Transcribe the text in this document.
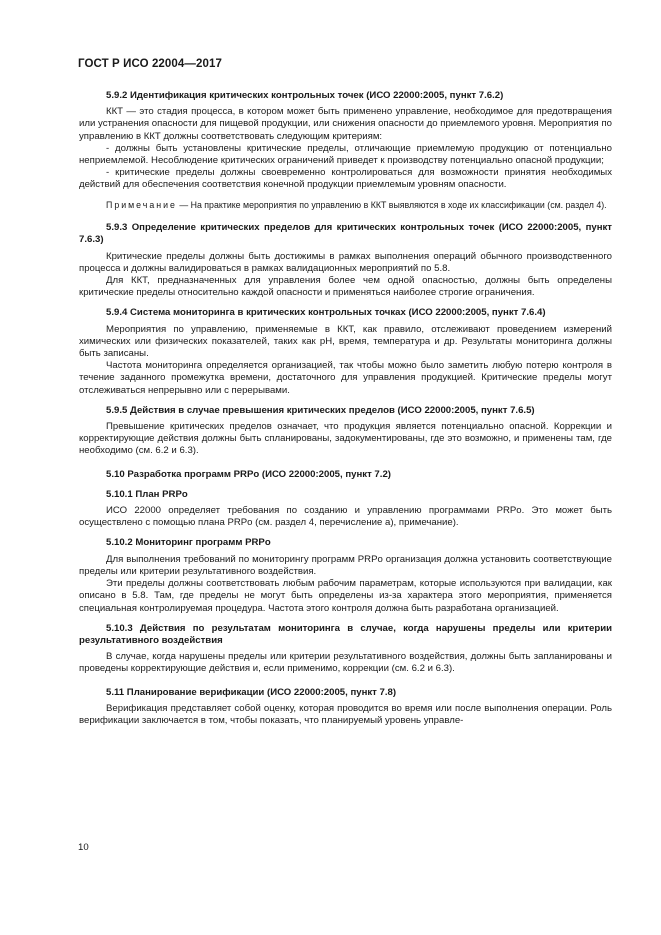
ГОСТ Р ИСО 22004—2017

5.9.2 Идентификация критических контрольных точек (ИСО 22000:2005, пункт 7.6.2)

ККТ — это стадия процесса, в котором может быть применено управление, необходимое для предотвращения или устранения опасности для пищевой продукции, или снижения опасности до приемлемого уровня. Мероприятия по управлению в ККТ должны соответствовать следующим критериям:

- должны быть установлены критические пределы, отличающие приемлемую продукцию от потенциально неприемлемой. Несоблюдение критических ограничений приведет к производству потенциально опасной продукции;

- критические пределы должны своевременно контролироваться для возможности принятия необходимых действий для обеспечения соответствия конечной продукции приемлемым уровням опасности.

Примечание — На практике мероприятия по управлению в ККТ выявляются в ходе их классификации (см. раздел 4).

5.9.3 Определение критических пределов для критических контрольных точек (ИСО 22000:2005, пункт 7.6.3)

Критические пределы должны быть достижимы в рамках выполнения операций обычного производственного процесса и должны валидироваться в рамках валидационных мероприятий по 5.8.

Для ККТ, предназначенных для управления более чем одной опасностью, должны быть определены критические пределы относительно каждой опасности и применяться наиболее строгие ограничения.

5.9.4 Система мониторинга в критических контрольных точках (ИСО 22000:2005, пункт 7.6.4)

Мероприятия по управлению, применяемые в ККТ, как правило, отслеживают проведением измерений химических или физических показателей, таких как pH, время, температура и др. Результаты мониторинга должны быть записаны.

Частота мониторинга определяется организацией, так чтобы можно было заметить любую потерю контроля в течение заданного промежутка времени, достаточного для управления продукцией. Критические пределы могут отслеживаться непрерывно или с перерывами.

5.9.5 Действия в случае превышения критических пределов (ИСО 22000:2005, пункт 7.6.5)

Превышение критических пределов означает, что продукция является потенциально опасной. Коррекции и корректирующие действия должны быть спланированы, задокументированы, где это возможно, и применены там, где необходимо (см. 6.2 и 6.3).

5.10 Разработка программ PRPо (ИСО 22000:2005, пункт 7.2)

5.10.1 План PRPо

ИСО 22000 определяет требования по созданию и управлению программами PRPо. Это может быть осуществлено с помощью плана PRPо (см. раздел 4, перечисление а), примечание).

5.10.2 Мониторинг программ PRPо

Для выполнения требований по мониторингу программ PRPо организация должна установить соответствующие пределы или критерии результативного воздействия.

Эти пределы должны соответствовать любым рабочим параметрам, которые используются при валидации, как описано в 5.8. Там, где пределы не могут быть определены из-за характера этого мероприятия, применяется специальная контролируемая процедура. Частота этого контроля должна быть разработана организацией.

5.10.3 Действия по результатам мониторинга в случае, когда нарушены пределы или критерии результативного воздействия

В случае, когда нарушены пределы или критерии результативного воздействия, должны быть запланированы и проведены корректирующие действия и, если применимо, коррекции (см. 6.2 и 6.3).

5.11 Планирование верификации (ИСО 22000:2005, пункт 7.8)

Верификация представляет собой оценку, которая проводится во время или после выполнения операции. Роль верификации заключается в том, чтобы показать, что планируемый уровень управле-

10
